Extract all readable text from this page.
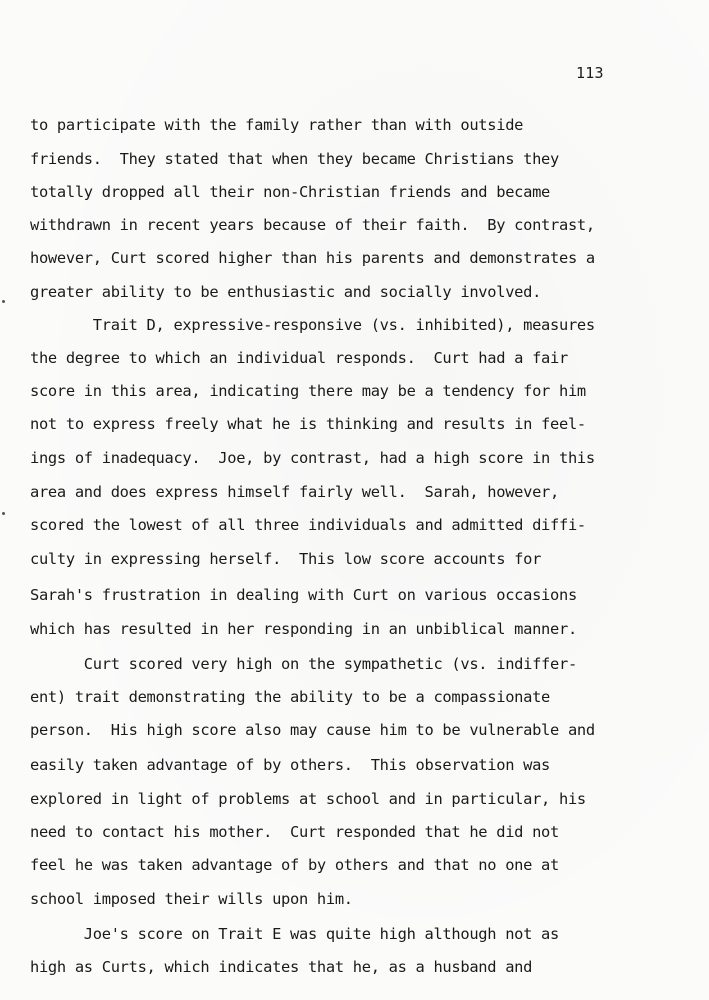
113
to participate with the family rather than with outside
friends.  They stated that when they became Christians they
totally dropped all their non-Christian friends and became
withdrawn in recent years because of their faith.  By contrast,
however, Curt scored higher than his parents and demonstrates a
greater ability to be enthusiastic and socially involved.
Trait D, expressive-responsive (vs. inhibited), measures
the degree to which an individual responds.  Curt had a fair
score in this area, indicating there may be a tendency for him
not to express freely what he is thinking and results in feel-
ings of inadequacy.  Joe, by contrast, had a high score in this
area and does express himself fairly well.  Sarah, however,
scored the lowest of all three individuals and admitted diffi-
culty in expressing herself.  This low score accounts for
Sarah's frustration in dealing with Curt on various occasions
which has resulted in her responding in an unbiblical manner.
Curt scored very high on the sympathetic (vs. indiffer-
ent) trait demonstrating the ability to be a compassionate
person.  His high score also may cause him to be vulnerable and
easily taken advantage of by others.  This observation was
explored in light of problems at school and in particular, his
need to contact his mother.  Curt responded that he did not
feel he was taken advantage of by others and that no one at
school imposed their wills upon him.
Joe's score on Trait E was quite high although not as
high as Curts, which indicates that he, as a husband and
